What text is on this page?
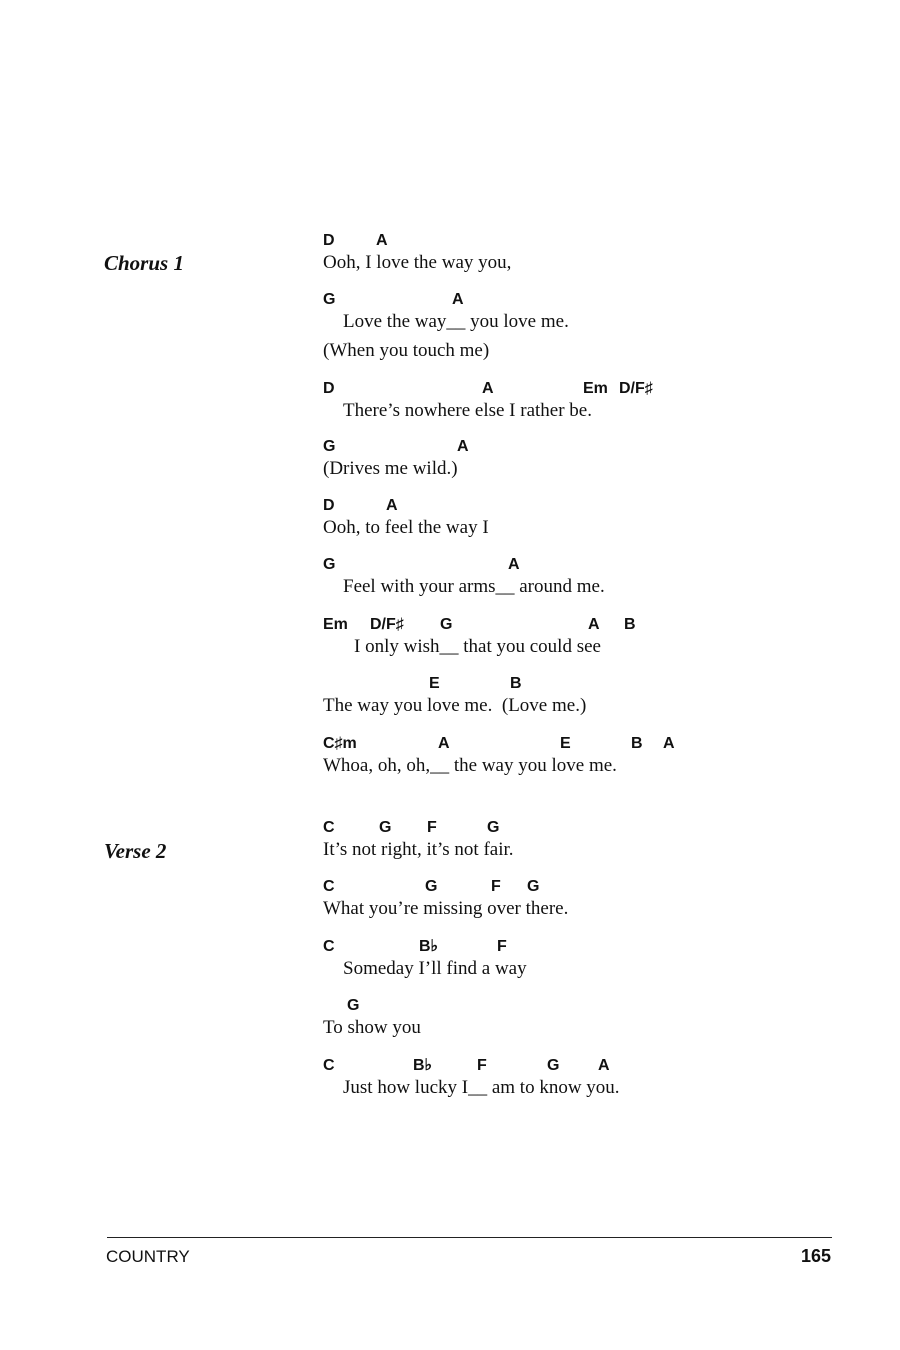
Chorus 1
D	A
Ooh, I love the way you,
G	A
Love the way__ you love me.
(When you touch me)
D	A	Em D/F♯
There’s nowhere else I rather be.
G	A
(Drives me wild.)
D	A
Ooh, to feel the way I
G	A
Feel with your arms__ around me.
Em D/F♯ G	A B
I only wish__ that you could see
E	B
The way you love me.  (Love me.)
C♯m	A	E	B A
Whoa, oh, oh,__ the way you love me.
Verse 2
C	G F	G
It’s not right, it’s not fair.
C	G	F G
What you’re missing over there.
C	B♭	F
Someday I’ll find a way
G
To show you
C	B♭	F	G A
Just how lucky I__ am to know you.
COUNTRY	165
